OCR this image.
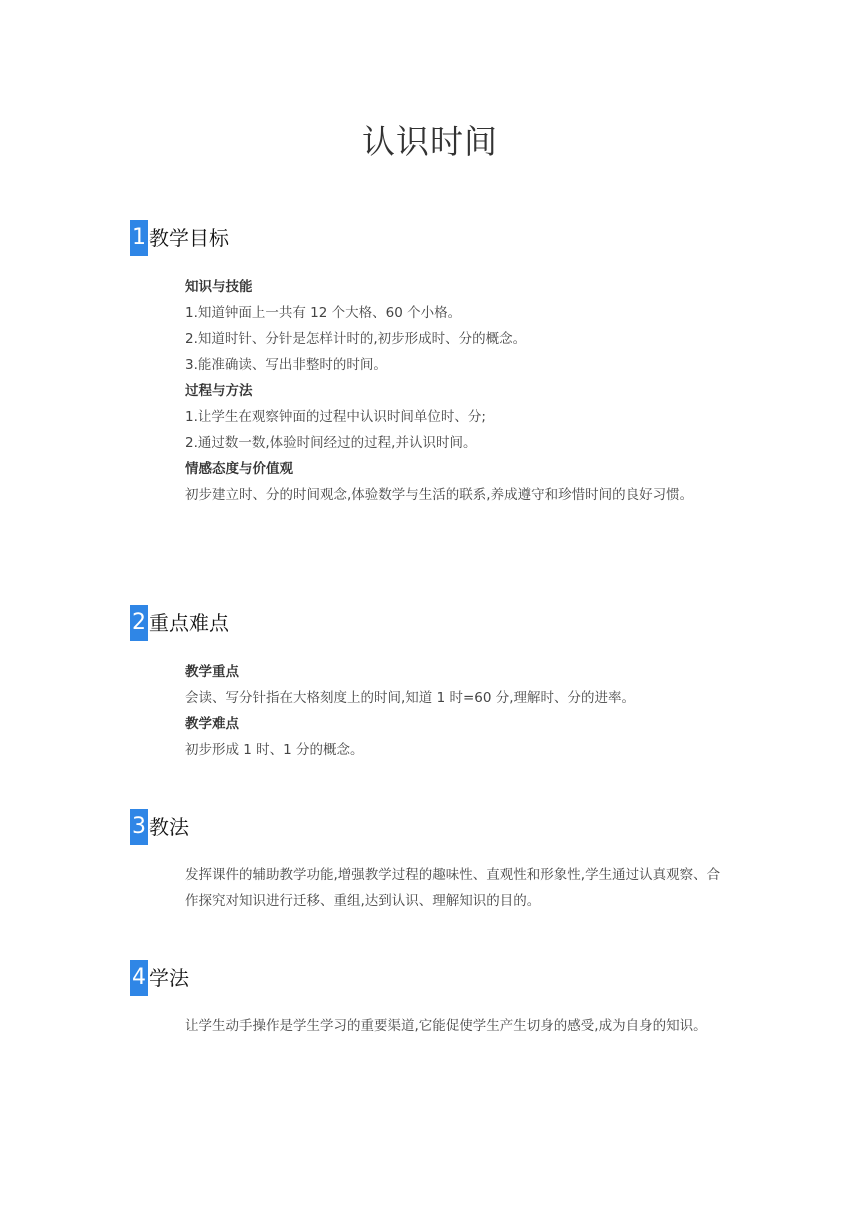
认识时间
1 教学目标
知识与技能
1.知道钟面上一共有 12 个大格、60 个小格。
2.知道时针、分针是怎样计时的,初步形成时、分的概念。
3.能准确读、写出非整时的时间。
过程与方法
1.让学生在观察钟面的过程中认识时间单位时、分;
2.通过数一数,体验时间经过的过程,并认识时间。
情感态度与价值观
初步建立时、分的时间观念,体验数学与生活的联系,养成遵守和珍惜时间的良好习惯。
2 重点难点
教学重点
会读、写分针指在大格刻度上的时间,知道 1 时=60 分,理解时、分的进率。
教学难点
初步形成 1 时、1 分的概念。
3 教法
发挥课件的辅助教学功能,增强教学过程的趣味性、直观性和形象性,学生通过认真观察、合作探究对知识进行迁移、重组,达到认识、理解知识的目的。
4 学法
让学生动手操作是学生学习的重要渠道,它能促使学生产生切身的感受,成为自身的知识。
